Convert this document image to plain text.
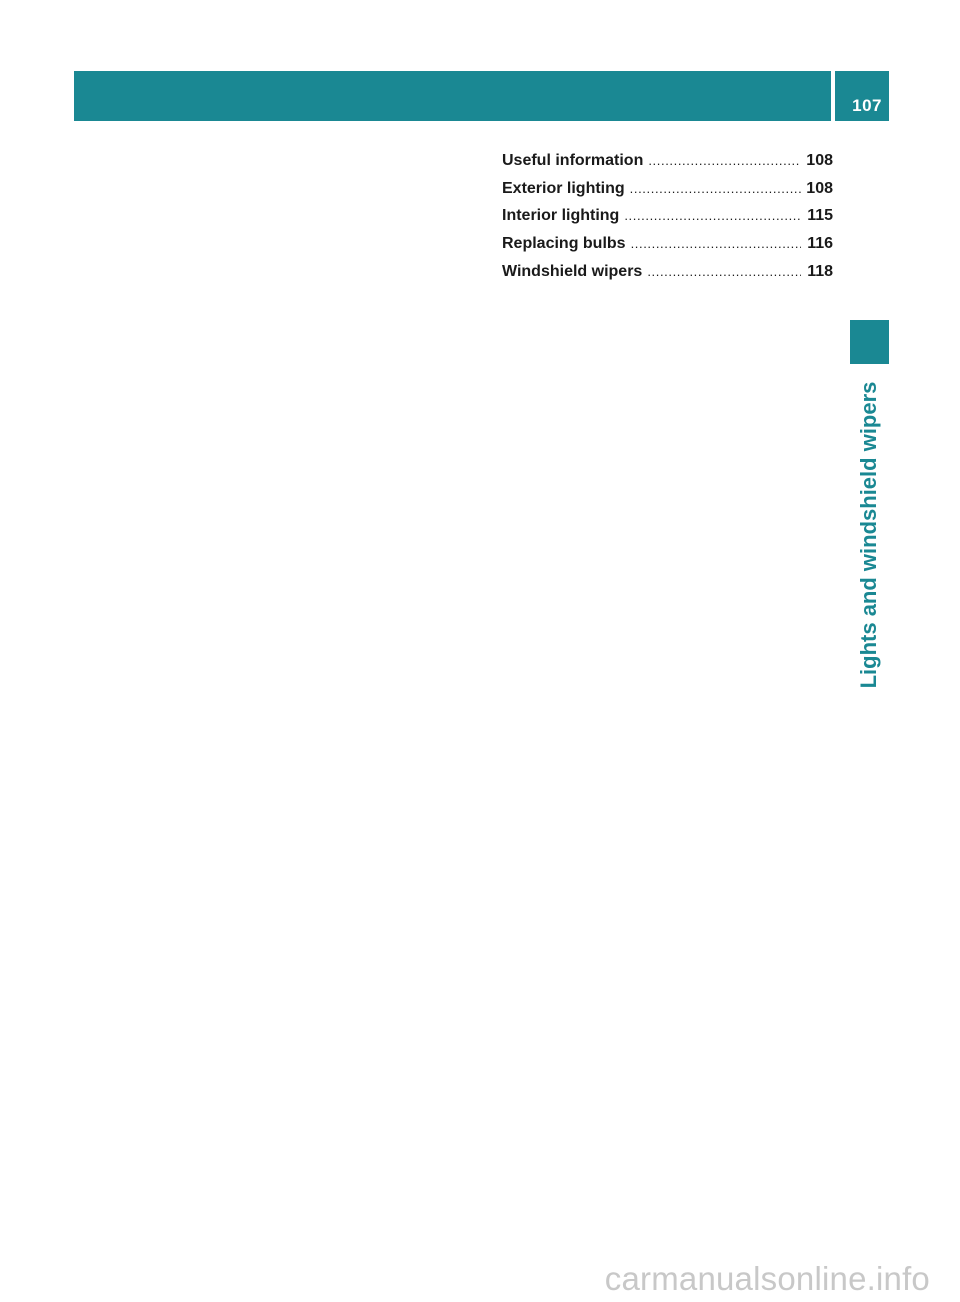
107
Useful information .....	108
Exterior lighting .....	108
Interior lighting .....	115
Replacing bulbs .....	116
Windshield wipers .....	118
Lights and windshield wipers
carmanualsonline.info
